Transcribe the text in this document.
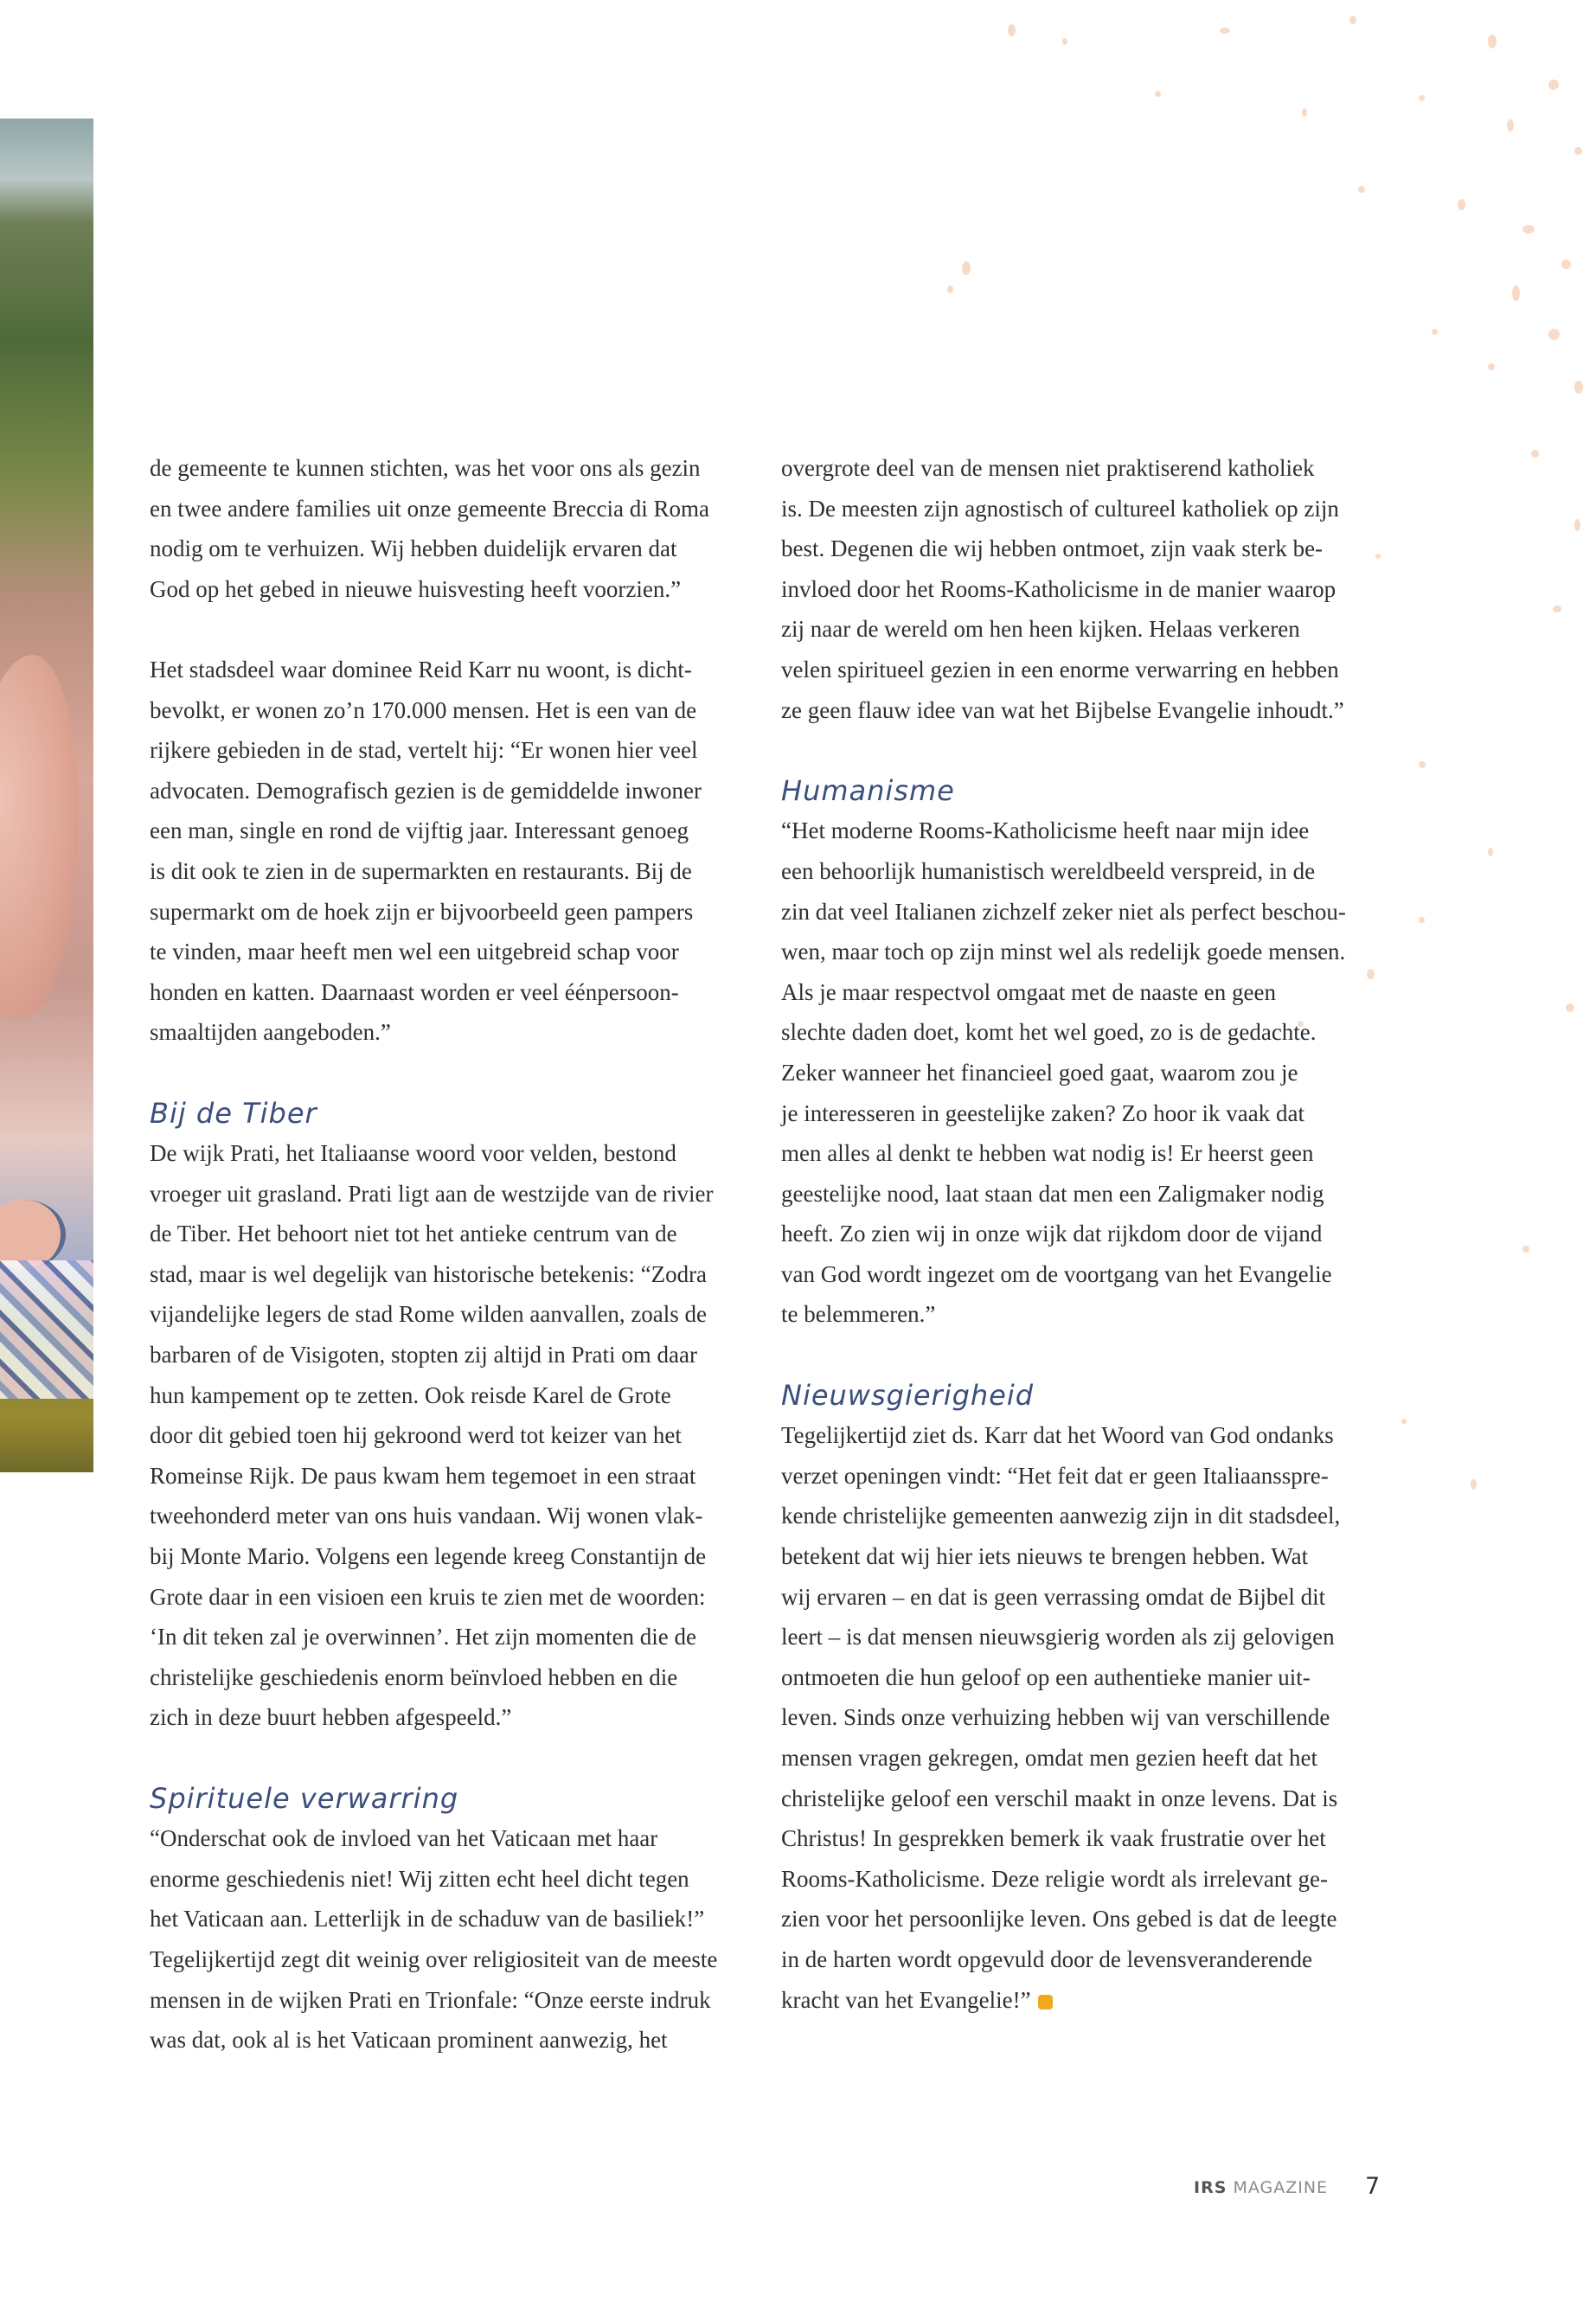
de gemeente te kunnen stichten, was het voor ons als gezin
en twee andere families uit onze gemeente Breccia di Roma
nodig om te verhuizen. Wij hebben duidelijk ervaren dat
God op het gebed in nieuwe huisvesting heeft voorzien.”

Het stadsdeel waar dominee Reid Karr nu woont, is dicht-
bevolkt, er wonen zo’n 170.000 mensen. Het is een van de
rijkere gebieden in de stad, vertelt hij: “Er wonen hier veel
advocaten. Demografisch gezien is de gemiddelde inwoner
een man, single en rond de vijftig jaar. Interessant genoeg
is dit ook te zien in de supermarkten en restaurants. Bij de
supermarkt om de hoek zijn er bijvoorbeeld geen pampers
te vinden, maar heeft men wel een uitgebreid schap voor
honden en katten. Daarnaast worden er veel éénpersoon-
smaaltijden aangeboden.”

Bij de Tiber

De wijk Prati, het Italiaanse woord voor velden, bestond
vroeger uit grasland. Prati ligt aan de westzijde van de rivier
de Tiber. Het behoort niet tot het antieke centrum van de
stad, maar is wel degelijk van historische betekenis: “Zodra
vijandelijke legers de stad Rome wilden aanvallen, zoals de
barbaren of de Visigoten, stopten zij altijd in Prati om daar
hun kampement op te zetten. Ook reisde Karel de Grote
door dit gebied toen hij gekroond werd tot keizer van het
Romeinse Rijk. De paus kwam hem tegemoet in een straat
tweehonderd meter van ons huis vandaan. Wij wonen vlak-
bij Monte Mario. Volgens een legende kreeg Constantijn de
Grote daar in een visioen een kruis te zien met de woorden:
‘In dit teken zal je overwinnen’. Het zijn momenten die de
christelijke geschiedenis enorm beïnvloed hebben en die
zich in deze buurt hebben afgespeeld.”

Spirituele verwarring

“Onderschat ook de invloed van het Vaticaan met haar
enorme geschiedenis niet! Wij zitten echt heel dicht tegen
het Vaticaan aan. Letterlijk in de schaduw van de basiliek!”
Tegelijkertijd zegt dit weinig over religiositeit van de meeste
mensen in de wijken Prati en Trionfale: “Onze eerste indruk
was dat, ook al is het Vaticaan prominent aanwezig, het

overgrote deel van de mensen niet praktiserend katholiek
is. De meesten zijn agnostisch of cultureel katholiek op zijn
best. Degenen die wij hebben ontmoet, zijn vaak sterk be-
invloed door het Rooms-Katholicisme in de manier waarop
zij naar de wereld om hen heen kijken. Helaas verkeren
velen spiritueel gezien in een enorme verwarring en hebben
ze geen flauw idee van wat het Bijbelse Evangelie inhoudt.”

Humanisme

“Het moderne Rooms-Katholicisme heeft naar mijn idee
een behoorlijk humanistisch wereldbeeld verspreid, in de
zin dat veel Italianen zichzelf zeker niet als perfect beschou-
wen, maar toch op zijn minst wel als redelijk goede mensen.
Als je maar respectvol omgaat met de naaste en geen
slechte daden doet, komt het wel goed, zo is de gedachte.
Zeker wanneer het financieel goed gaat, waarom zou je
je interesseren in geestelijke zaken? Zo hoor ik vaak dat
men alles al denkt te hebben wat nodig is! Er heerst geen
geestelijke nood, laat staan dat men een Zaligmaker nodig
heeft. Zo zien wij in onze wijk dat rijkdom door de vijand
van God wordt ingezet om de voortgang van het Evangelie
te belemmeren.”

Nieuwsgierigheid

Tegelijkertijd ziet ds. Karr dat het Woord van God ondanks
verzet openingen vindt: “Het feit dat er geen Italiaansspre-
kende christelijke gemeenten aanwezig zijn in dit stadsdeel,
betekent dat wij hier iets nieuws te brengen hebben. Wat
wij ervaren – en dat is geen verrassing omdat de Bijbel dit
leert – is dat mensen nieuwsgierig worden als zij gelovigen
ontmoeten die hun geloof op een authentieke manier uit-
leven. Sinds onze verhuizing hebben wij van verschillende
mensen vragen gekregen, omdat men gezien heeft dat het
christelijke geloof een verschil maakt in onze levens. Dat is
Christus! In gesprekken bemerk ik vaak frustratie over het
Rooms-Katholicisme. Deze religie wordt als irrelevant ge-
zien voor het persoonlijke leven. Ons gebed is dat de leegte
in de harten wordt opgevuld door de levensveranderende
kracht van het Evangelie!”

IRS MAGAZINE 7
